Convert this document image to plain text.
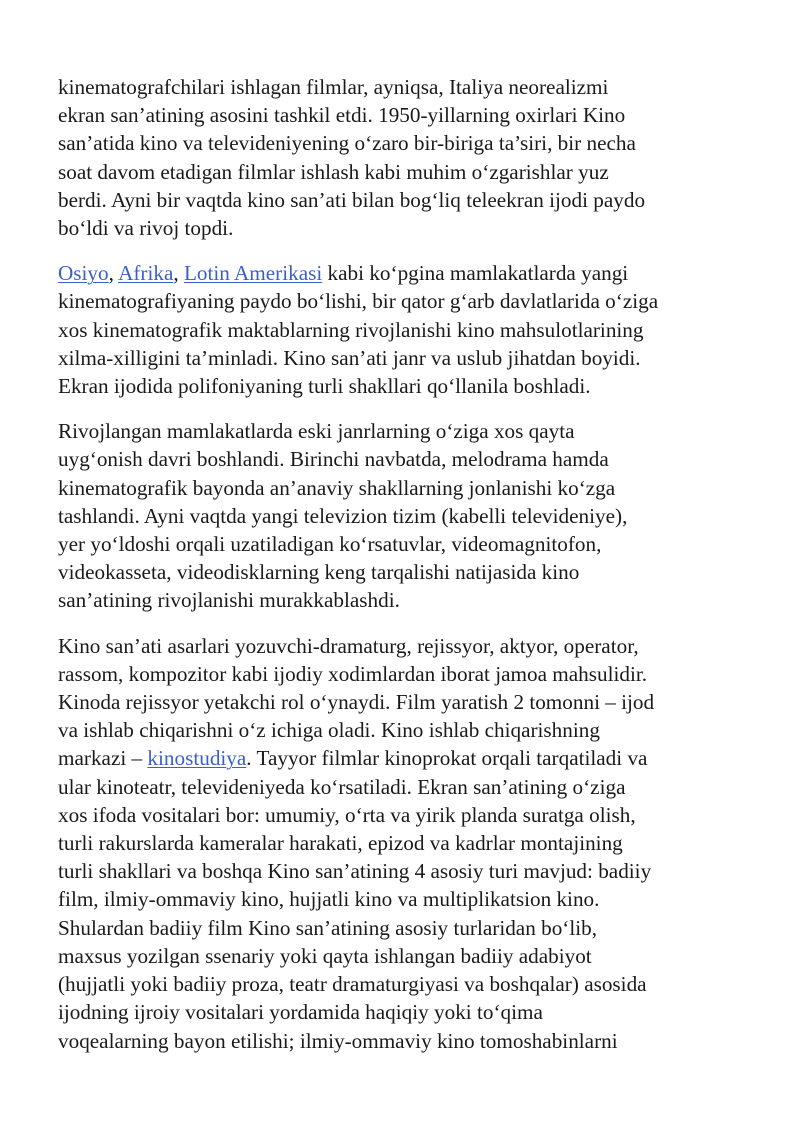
kinematografchilari ishlagan filmlar, ayniqsa, Italiya neorealizmi
ekran san’atining asosini tashkil etdi. 1950-yillarning oxirlari Kino
san’atida kino va televideniyening o‘zaro bir-biriga ta’siri, bir necha
soat davom etadigan filmlar ishlash kabi muhim o‘zgarishlar yuz
berdi. Ayni bir vaqtda kino san’ati bilan bog‘liq teleekran ijodi paydo
bo‘ldi va rivoj topdi.

Osiyo, Afrika, Lotin Amerikasi kabi ko‘pgina mamlakatlarda yangi
kinematografiyaning paydo bo‘lishi, bir qator g‘arb davlatlarida o‘ziga
xos kinematografik maktablarning rivojlanishi kino mahsulotlarining
xilma-xilligini ta’minladi. Kino san’ati janr va uslub jihatdan boyidi.
Ekran ijodida polifoniyaning turli shakllari qo‘llanila boshladi.

Rivojlangan mamlakatlarda eski janrlarning o‘ziga xos qayta
uyg‘onish davri boshlandi. Birinchi navbatda, melodrama hamda
kinematografik bayonda an’anaviy shakllarning jonlanishi ko‘zga
tashlandi. Ayni vaqtda yangi televizion tizim (kabelli televideniye),
yer yo‘ldoshi orqali uzatiladigan ko‘rsatuvlar, videomagnitofon,
videokasseta, videodisklarning keng tarqalishi natijasida kino
san’atining rivojlanishi murakkablashdi.

Kino san’ati asarlari yozuvchi-dramaturg, rejissyor, aktyor, operator,
rassom, kompozitor kabi ijodiy xodimlardan iborat jamoa mahsulidir.
Kinoda rejissyor yetakchi rol o‘ynaydi. Film yaratish 2 tomonni – ijod
va ishlab chiqarishni o‘z ichiga oladi. Kino ishlab chiqarishning
markazi – kinostudiya. Tayyor filmlar kinoprokat orqali tarqatiladi va
ular kinoteatr, televideniyeda ko‘rsatiladi. Ekran san’atining o‘ziga
xos ifoda vositalari bor: umumiy, o‘rta va yirik planda suratga olish,
turli rakurslarda kameralar harakati, epizod va kadrlar montajining
turli shakllari va boshqa Kino san’atining 4 asosiy turi mavjud: badiiy
film, ilmiy-ommaviy kino, hujjatli kino va multiplikatsion kino.
Shulardan badiiy film Kino san’atining asosiy turlaridan bo‘lib,
maxsus yozilgan ssenariy yoki qayta ishlangan badiiy adabiyot
(hujjatli yoki badiiy proza, teatr dramaturgiyasi va boshqalar) asosida
ijodning ijroiy vositalari yordamida haqiqiy yoki to‘qima
voqealarning bayon etilishi; ilmiy-ommaviy kino tomoshabinlarni
